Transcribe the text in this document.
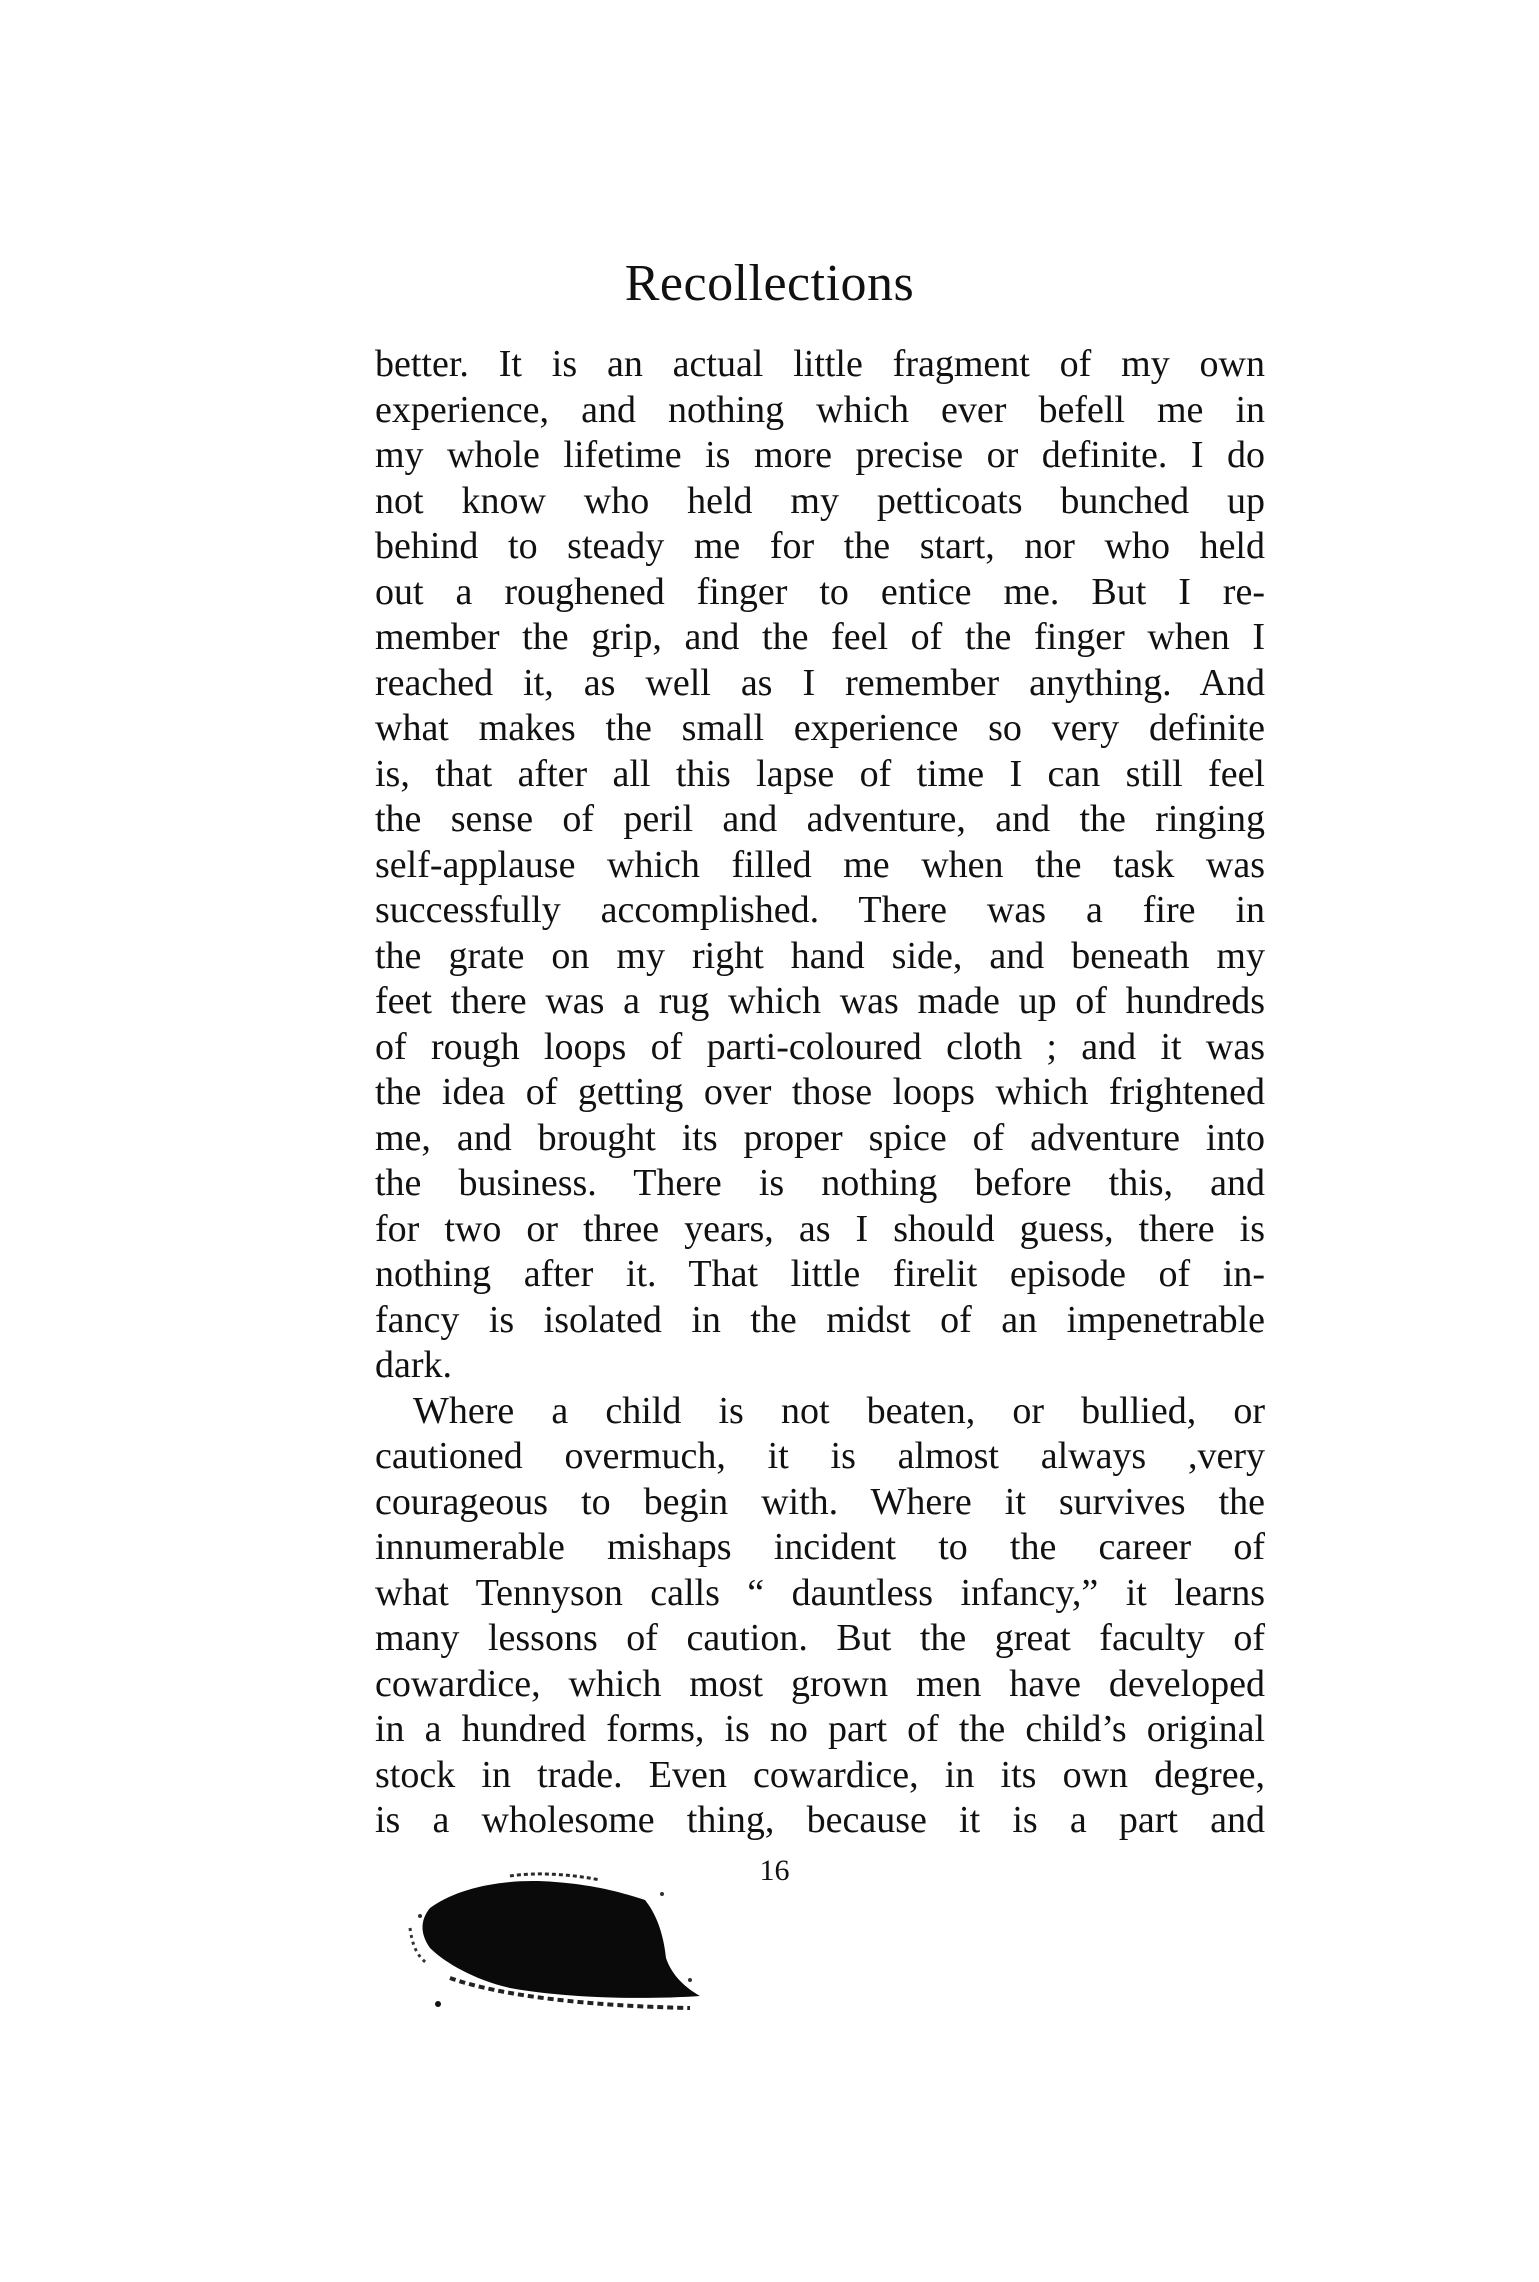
Recollections
better. It is an actual little fragment of my own
experience, and nothing which ever befell me in
my whole lifetime is more precise or definite. I do
not know who held my petticoats bunched up
behind to steady me for the start, nor who held
out a roughened finger to entice me. But I re-
member the grip, and the feel of the finger when I
reached it, as well as I remember anything. And
what makes the small experience so very definite
is, that after all this lapse of time I can still feel
the sense of peril and adventure, and the ringing
self-applause which filled me when the task was
successfully accomplished. There was a fire in
the grate on my right hand side, and beneath my
feet there was a rug which was made up of hundreds
of rough loops of parti-coloured cloth ; and it was
the idea of getting over those loops which frightened
me, and brought its proper spice of adventure into
the business. There is nothing before this, and
for two or three years, as I should guess, there is
nothing after it. That little firelit episode of in-
fancy is isolated in the midst of an impenetrable
dark.
Where a child is not beaten, or bullied, or
cautioned overmuch, it is almost always ,very
courageous to begin with. Where it survives the
innumerable mishaps incident to the career of
what Tennyson calls “ dauntless infancy,” it learns
many lessons of caution. But the great faculty of
cowardice, which most grown men have developed
in a hundred forms, is no part of the child’s original
stock in trade. Even cowardice, in its own degree,
is a wholesome thing, because it is a part and
16
